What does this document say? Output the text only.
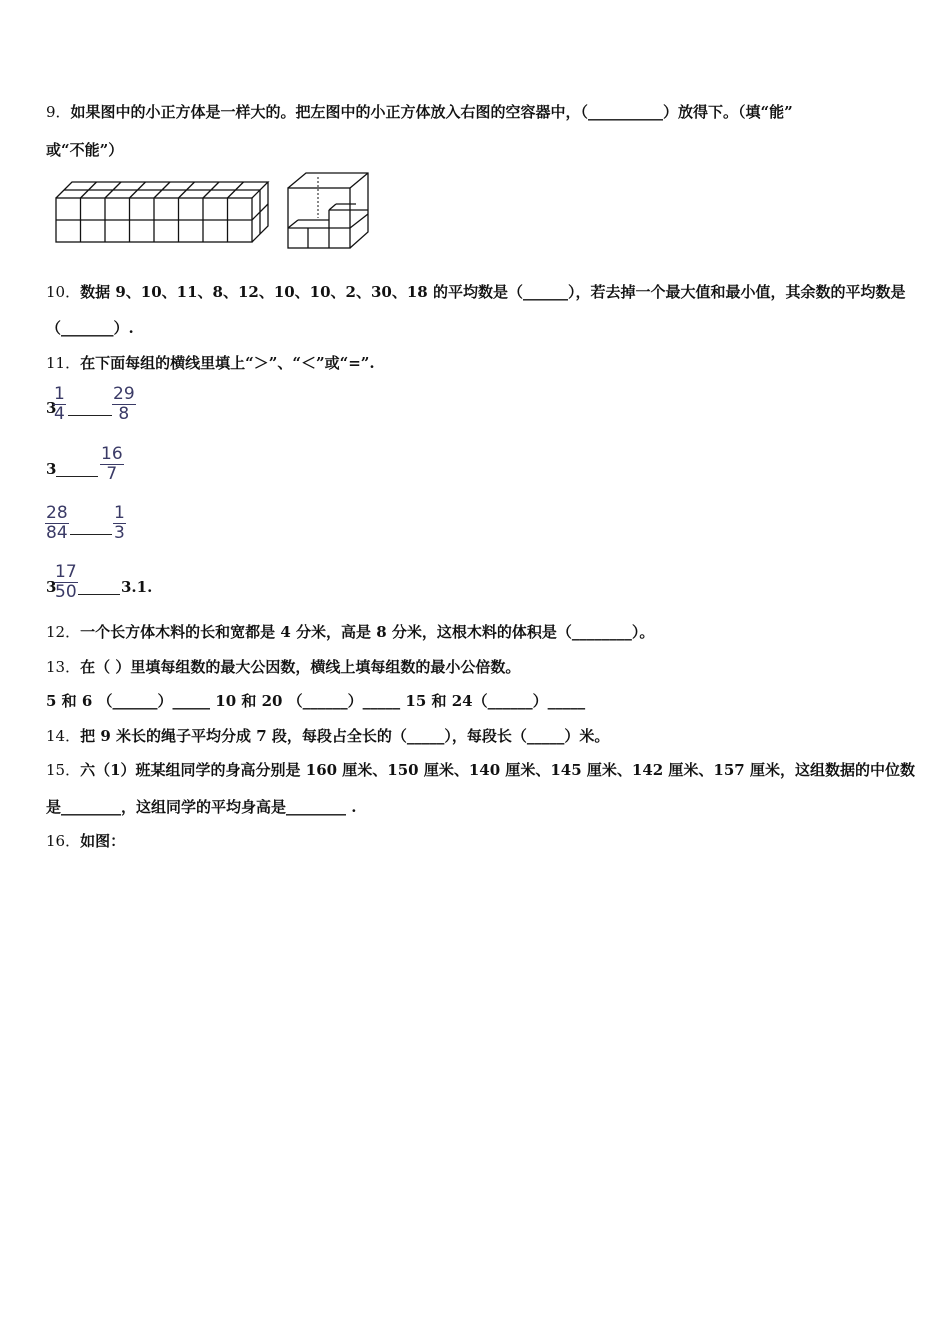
9．如果图中的小正方体是一样大的。把左图中的小正方体放入右图的空容器中，（__________）放得下。（填“能”
或“不能”）
10．数据 9、10、11、8、12、10、10、2、30、18 的平均数是（______），若去掉一个最大值和最小值，其余数的平均数是
（_______）.
11．在下面每组的横线里填上“＞”、“＜”或“=”.
3
1
4
29
8
3
16
7
28
84
1
3
3
17
50	3.1.
12．一个长方体木料的长和宽都是 4 分米，高是 8 分米，这根木料的体积是（________）。
13．在（ ）里填每组数的最大公因数，横线上填每组数的最小公倍数。
5 和 6 （______）_____ 10 和 20 （______）_____ 15 和 24（______）_____
14．把 9 米长的绳子平均分成 7 段，每段占全长的（_____），每段长（_____）米。
15．六（1）班某组同学的身高分别是 160 厘米、150 厘米、140 厘米、145 厘米、142 厘米、157 厘米，这组数据的中位数
是________，这组同学的平均身高是________ .
16．如图：
